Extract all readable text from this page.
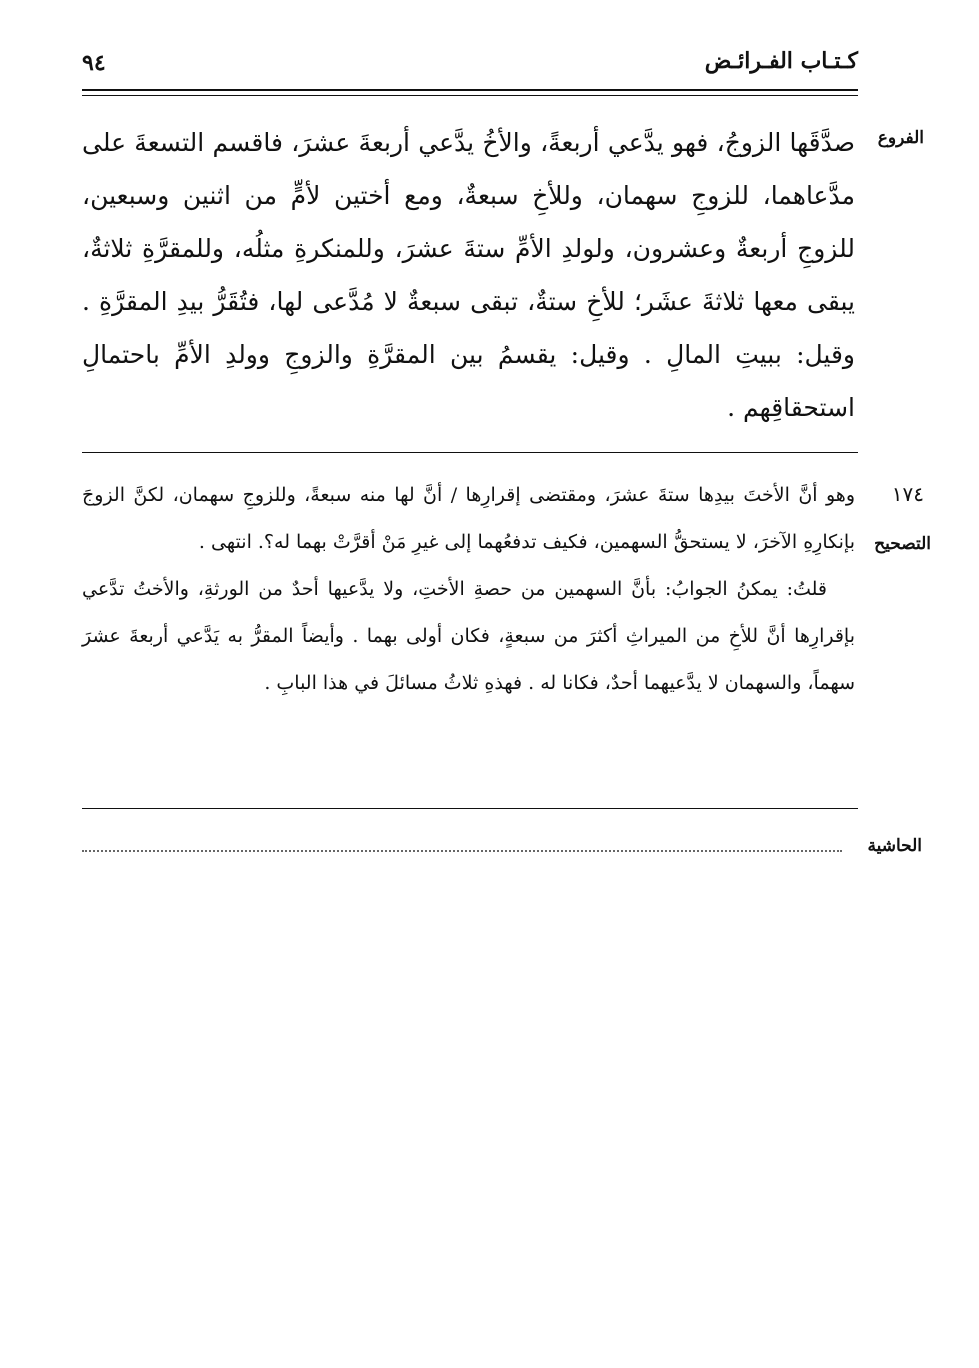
كـتـاب الفـرائـض
٩٤
الفروع
صدَّقَها الزوجُ، فهو يدَّعي أربعةً، والأخُ يدَّعي أربعةَ عشرَ، فاقسم التسعةَ على مدَّعاهما، للزوجِ سهمان، وللأخِ سبعةٌ، ومع أختين لأمٍّ من اثنين وسبعين، للزوجِ أربعةٌ وعشرون، ولولدِ الأمِّ ستةَ عشرَ، وللمنكرةِ مثلُه، وللمقرَّةِ ثلاثةٌ، يبقى معها ثلاثةَ عشَر؛ للأخِ ستةٌ، تبقى سبعةٌ لا مُدَّعى لها، فتُقَرُّ بيدِ المقرَّةِ . وقيل: ببيتِ المالِ . وقيل: يقسمُ بين المقرَّةِ والزوجِ وولدِ الأمِّ باحتمالِ استحقاقِهم .
١٧٤
التصحيح

وهو أنَّ الأختَ بيدِها ستةَ عشرَ، ومقتضى إقرارِها / أنَّ لها منه سبعةً، وللزوجِ سهمان، لكنَّ الزوجَ بإنكارِهِ الآخرَ، لا يستحقُّ السهمين، فكيف تدفعُهما إلى غيرِ مَنْ أقرَّتْ بهما له؟. انتهى .

قلتُ: يمكنُ الجوابُ: بأنَّ السهمين من حصةِ الأختِ، ولا يدَّعيها أحدٌ من الورثةِ، والأختُ تدَّعي بإقرارِها أنَّ للأخِ من الميراثِ أكثرَ من سبعةٍ، فكان أولى بهما . وأيضاً المقرُّ به يَدَّعي أربعةَ عشرَ سهماً، والسهمان لا يدَّعيهما أحدٌ، فكانا له . فهذهِ ثلاثُ مسائلَ في هذا البابِ .

الحاشية
